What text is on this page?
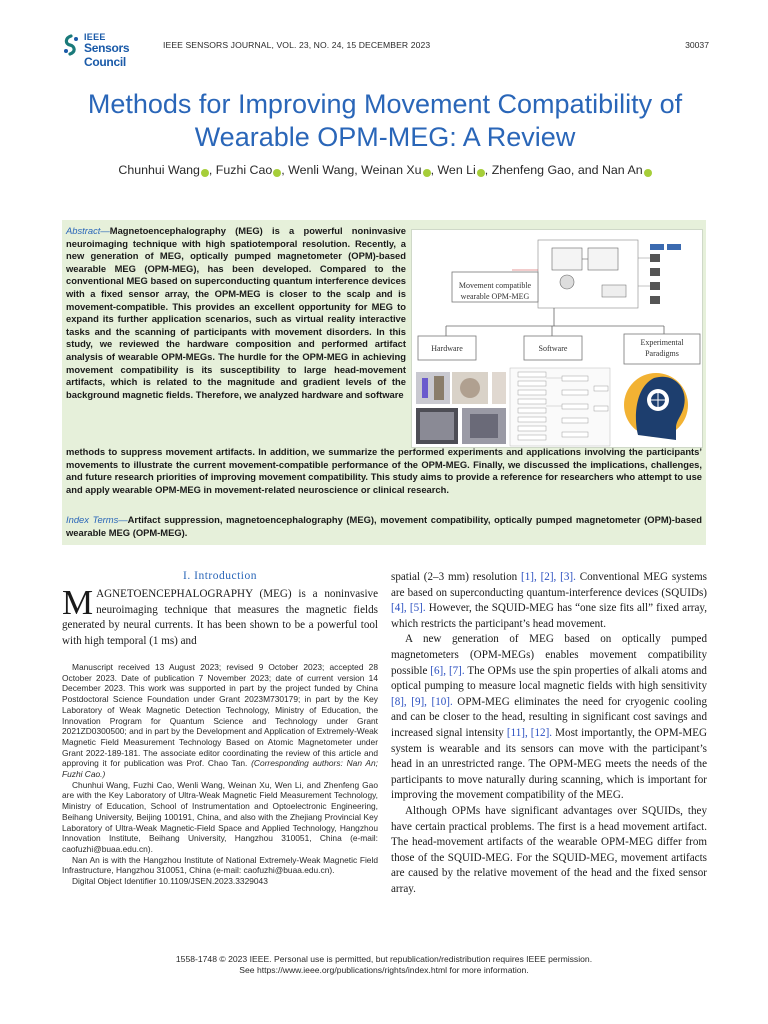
IEEE
Sensors Council
IEEE SENSORS JOURNAL, VOL. 23, NO. 24, 15 DECEMBER 2023	30037
Methods for Improving Movement Compatibility of Wearable OPM-MEG: A Review
Chunhui Wang , Fuzhi Cao , Wenli Wang, Weinan Xu , Wen Li , Zhenfeng Gao, and Nan An
Abstract—Magnetoencephalography (MEG) is a powerful noninvasive neuroimaging technique with high spatiotemporal resolution. Recently, a new generation of MEG, optically pumped magnetometer (OPM)-based wearable MEG (OPM-MEG), has been developed. Compared to the conventional MEG based on superconducting quantum interference devices with a fixed sensor array, the OPM-MEG is closer to the scalp and is movement-compatible. This provides an excellent opportunity for MEG to expand its further application scenarios, such as virtual reality interactive tasks and the scanning of participants with movement disorders. In this study, we reviewed the hardware composition and performed artifact analysis of wearable OPM-MEGs. The hurdle for the OPM-MEG in achieving movement compatibility is its susceptibility to large head-movement artifacts, which is related to the magnitude and gradient levels of the background magnetic fields. Therefore, we analyzed hardware and software
Movement compatible
wearable OPM-MEG
Hardware	Software
Experimental
Paradigms
methods to suppress movement artifacts. In addition, we summarize the performed experiments and applications involving the participants’ movements to illustrate the current movement-compatible performance of the OPM-MEG. Finally, we discussed the implications, challenges, and future research priorities of improving movement compatibility. This study aims to provide a reference for researchers who attempt to use and apply wearable OPM-MEG in movement-related neuroscience or clinical research.
Index Terms—Artifact suppression, magnetoencephalography (MEG), movement compatibility, optically pumped magnetometer (OPM)-based wearable MEG (OPM-MEG).
I. Introduction
MAGNETOENCEPHALOGRAPHY (MEG) is a noninvasive neuroimaging technique that measures the magnetic fields generated by neural currents. It has been shown to be a powerful tool with high temporal (1 ms) and

Manuscript received 13 August 2023; revised 9 October 2023; accepted 28 October 2023. Date of publication 7 November 2023; date of current version 14 December 2023. This work was supported in part by the project funded by China Postdoctoral Science Foundation under Grant 2023M730179; in part by the Key Laboratory of Weak Magnetic Detection Technology, Ministry of Education, the Innovation Program for Quantum Science and Technology under Grant 2021ZD0300500; and in part by the Development and Application of Extremely-Weak Magnetic Field Measurement Technology Based on Atomic Magnetometer under Grant 2022-189-181. The associate editor coordinating the review of this article and approving it for publication was Prof. Chao Tan. (Corresponding authors: Nan An; Fuzhi Cao.)

Chunhui Wang, Fuzhi Cao, Wenli Wang, Weinan Xu, Wen Li, and Zhenfeng Gao are with the Key Laboratory of Ultra-Weak Magnetic Field Measurement Technology, Ministry of Education, School of Instrumentation and Optoelectronic Engineering, Beihang University, Beijing 100191, China, and also with the Zhejiang Provincial Key Laboratory of Ultra-Weak Magnetic-Field Space and Applied Technology, Hangzhou Innovation Institute, Beihang University, Hangzhou 310051, China (e-mail: caofuzhi@buaa.edu.cn).

Nan An is with the Hangzhou Institute of National Extremely-Weak Magnetic Field Infrastructure, Hangzhou 310051, China (e-mail: caofuzhi@buaa.edu.cn).

Digital Object Identifier 10.1109/JSEN.2023.3329043

spatial (2–3 mm) resolution [1], [2], [3]. Conventional MEG systems are based on superconducting quantum-interference devices (SQUIDs) [4], [5]. However, the SQUID-MEG has “one size fits all” fixed array, which restricts the participant’s head movement.
A new generation of MEG based on optically pumped magnetometers (OPM-MEGs) enables movement compatibility possible [6], [7]. The OPMs use the spin properties of alkali atoms and optical pumping to measure local magnetic fields with high sensitivity [8], [9], [10]. OPM-MEG eliminates the need for cryogenic cooling and can be closer to the head, resulting in significant cost savings and increased signal intensity [11], [12]. Most importantly, the OPM-MEG system is wearable and its sensors can move with the participant’s head in an unrestricted range. The OPM-MEG meets the needs of the participants to move naturally during scanning, which is important for improving the movement compatibility of the MEG.
Although OPMs have significant advantages over SQUIDs, they have certain practical problems. The first is a head movement artifact. The head-movement artifacts of the wearable OPM-MEG differ from those of the SQUID-MEG. For the SQUID-MEG, movement artifacts are caused by the relative movement of the head and the fixed sensor array.
1558-1748 © 2023 IEEE. Personal use is permitted, but republication/redistribution requires IEEE permission.
See https://www.ieee.org/publications/rights/index.html for more information.
